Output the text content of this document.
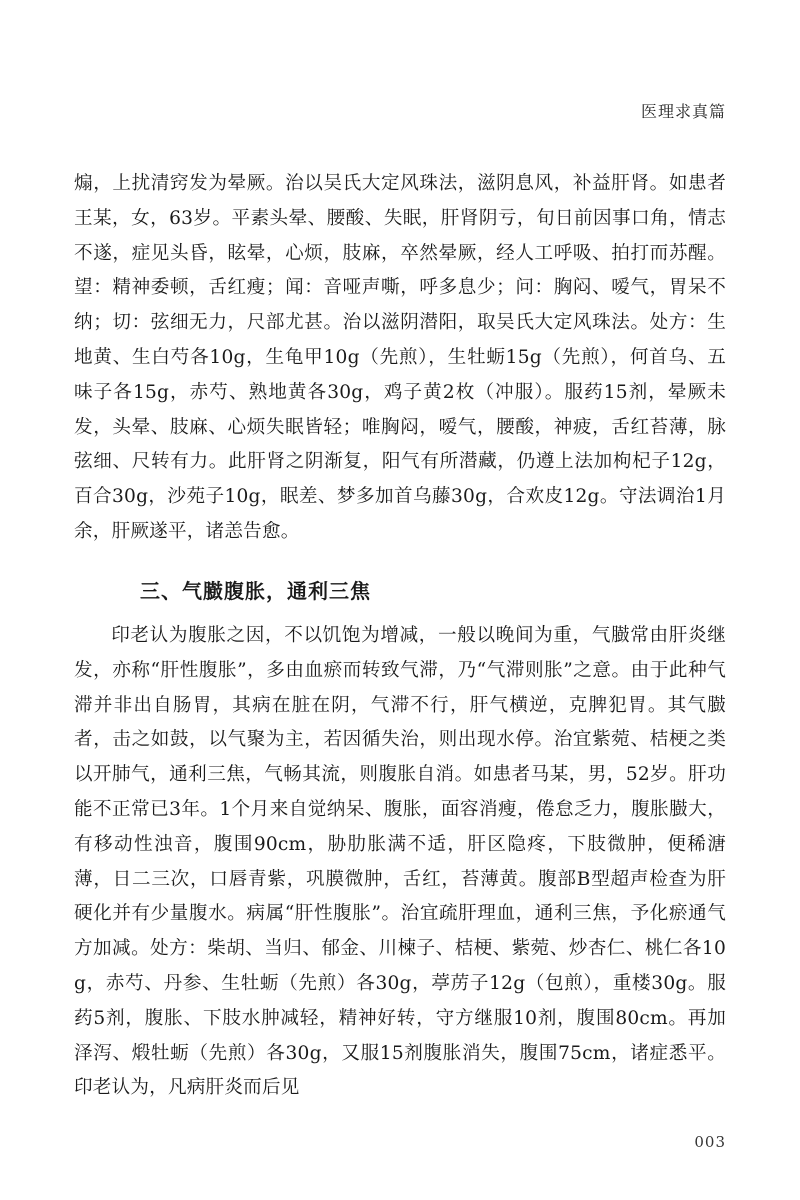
医理求真篇

煽，上扰清窍发为晕厥。治以吴氏大定风珠法，滋阴息风，补益肝肾。如患者王某，女，63岁。平素头晕、腰酸、失眠，肝肾阴亏，旬日前因事口角，情志不遂，症见头昏，眩晕，心烦，肢麻，卒然晕厥，经人工呼吸、拍打而苏醒。望：精神委顿，舌红瘦；闻：音哑声嘶，呼多息少；问：胸闷、嗳气，胃呆不纳；切：弦细无力，尺部尤甚。治以滋阴潜阳，取吴氏大定风珠法。处方：生地黄、生白芍各10g，生龟甲10g（先煎），生牡蛎15g（先煎），何首乌、五味子各15g，赤芍、熟地黄各30g，鸡子黄2枚（冲服）。服药15剂，晕厥未发，头晕、肢麻、心烦失眠皆轻；唯胸闷，嗳气，腰酸，神疲，舌红苔薄，脉弦细、尺转有力。此肝肾之阴渐复，阳气有所潜藏，仍遵上法加枸杞子12g，百合30g，沙苑子10g，眠差、梦多加首乌藤30g，合欢皮12g。守法调治1月余，肝厥遂平，诸恙告愈。

三、气臌腹胀，通利三焦

印老认为腹胀之因，不以饥饱为增减，一般以晚间为重，气臌常由肝炎继发，亦称“肝性腹胀”，多由血瘀而转致气滞，乃“气滞则胀”之意。由于此种气滞并非出自肠胃，其病在脏在阴，气滞不行，肝气横逆，克脾犯胃。其气臌者，击之如鼓，以气聚为主，若因循失治，则出现水停。治宜紫菀、桔梗之类以开肺气，通利三焦，气畅其流，则腹胀自消。如患者马某，男，52岁。肝功能不正常已3年。1个月来自觉纳呆、腹胀，面容消瘦，倦怠乏力，腹胀臌大，有移动性浊音，腹围90cm，胁肋胀满不适，肝区隐疼，下肢微肿，便稀溏薄，日二三次，口唇青紫，巩膜微肿，舌红，苔薄黄。腹部B型超声检查为肝硬化并有少量腹水。病属“肝性腹胀”。治宜疏肝理血，通利三焦，予化瘀通气方加减。处方：柴胡、当归、郁金、川楝子、桔梗、紫菀、炒杏仁、桃仁各10g，赤芍、丹参、生牡蛎（先煎）各30g，葶苈子12g（包煎），重楼30g。服药5剂，腹胀、下肢水肿减轻，精神好转，守方继服10剂，腹围80cm。再加泽泻、煅牡蛎（先煎）各30g，又服15剂腹胀消失，腹围75cm，诸症悉平。印老认为，凡病肝炎而后见

003
